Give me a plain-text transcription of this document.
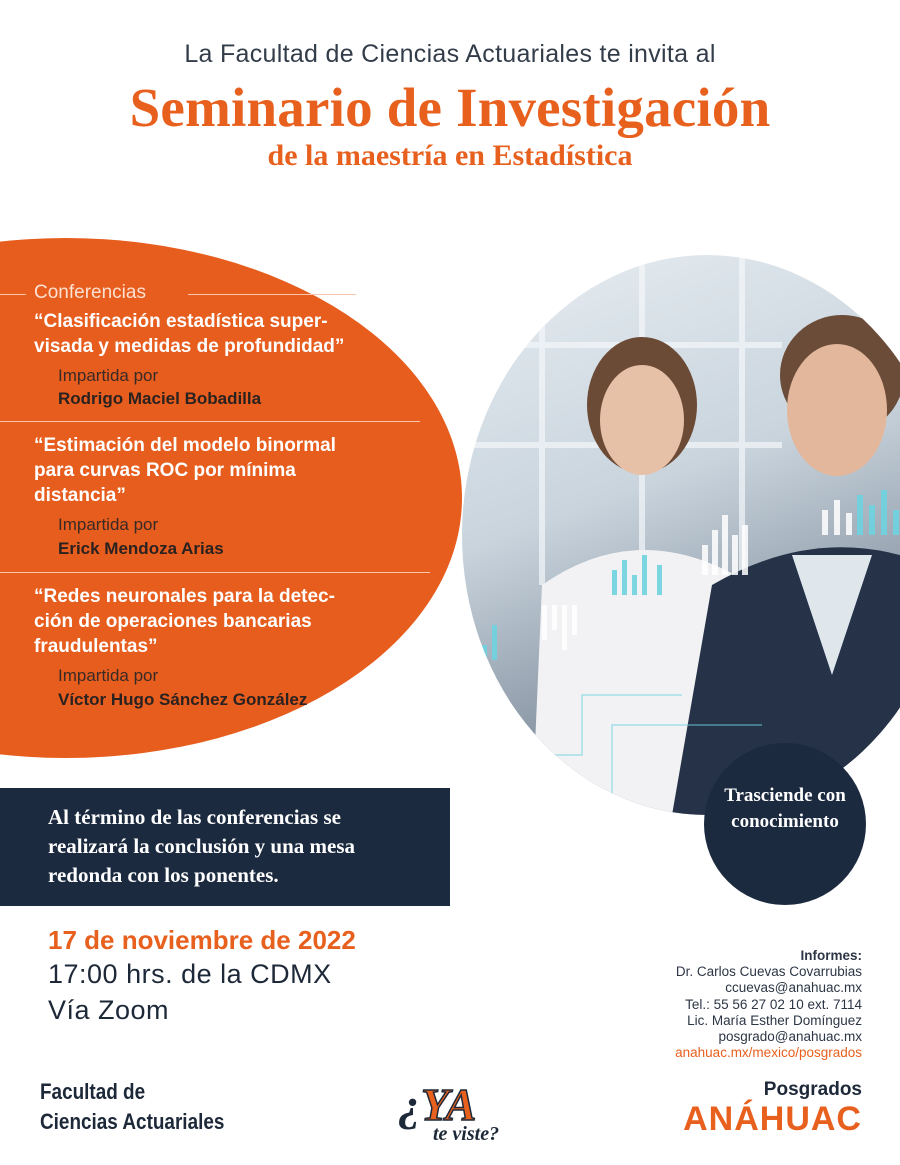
La Facultad de Ciencias Actuariales te invita al
Seminario de Investigación
de la maestría en Estadística
Conferencias
“Clasificación estadística super-
visada y medidas de profundidad”
Impartida por
Rodrigo Maciel Bobadilla
“Estimación del modelo binormal
para curvas ROC por mínima
distancia”
Impartida por
Erick Mendoza Arias
“Redes neuronales para la detec-
ción de operaciones bancarias
fraudulentas”
Impartida por
Víctor Hugo Sánchez González
Al término de las conferencias se
realizará la conclusión y una mesa
redonda con los ponentes.
Trasciende con
conocimiento
17 de noviembre de 2022
17:00 hrs. de la CDMX
Vía Zoom
Informes:
Dr. Carlos Cuevas Covarrubias
ccuevas@anahuac.mx
Tel.: 55 56 27 02 10 ext. 7114
Lic. María Esther Domínguez
posgrado@anahuac.mx
anahuac.mx/mexico/posgrados
Facultad de
Ciencias Actuariales	¿YA
te viste?
Posgrados
ANÁHUAC
